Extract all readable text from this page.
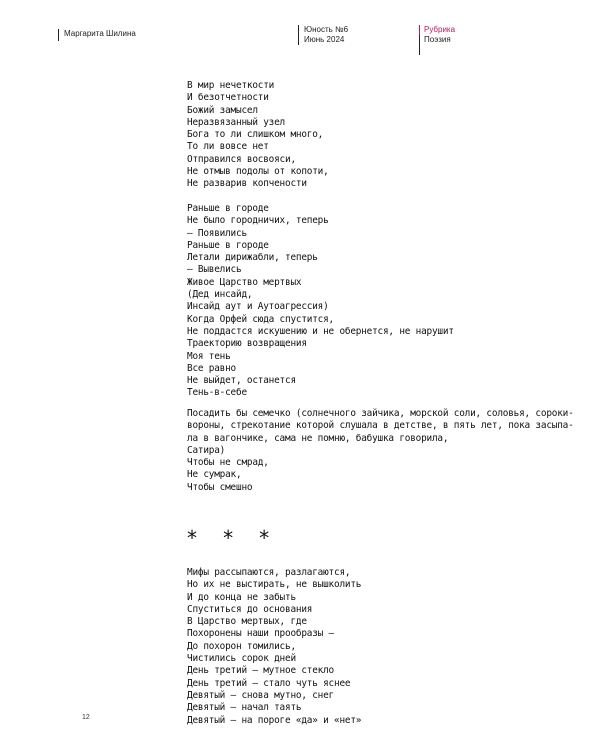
Маргарита Шилина	Юность №6
Июнь 2024
Рубрика
Поэзия
В мир нечеткости
И безотчетности
Божий замысел
Неразвязанный узел
Бога то ли слишком много,
То ли вовсе нет
Отправился восвояси,
Не отмыв подолы от копоти,
Не разварив копчености
Раньше в городе
Не было городничих, теперь
– Появились
Раньше в городе
Летали дирижабли, теперь
– Вывелись
Живое Царство мертвых
(Дед инсайд,
Инсайд аут и Аутоагрессия)
Когда Орфей сюда спустится,
Не поддастся искушению и не обернется, не нарушит
Траекторию возвращения
Моя тень
Все равно
Не выйдет, останется
Тень-в-себе
Посадить бы семечко (солнечного зайчика, морской соли, соловья, сороки-
вороны, стрекотание которой слушала в детстве, в пять лет, пока засыпа-
ла в вагончике, сама не помню, бабушка говорила,
Сатира)
Чтобы не смрад,
Не сумрак,
Чтобы смешно
* * *
Мифы рассыпаются, разлагаются,
Но их не выстирать, не вышколить
И до конца не забыть
Спуститься до основания
В Царство мертвых, где
Похоронены наши прообразы –
До похорон томились,
Чистились сорок дней
День третий – мутное стекло
День третий – стало чуть яснее
Девятый – снова мутно, снег
Девятый – начал таять
Девятый – на пороге «да» и «нет»
12
